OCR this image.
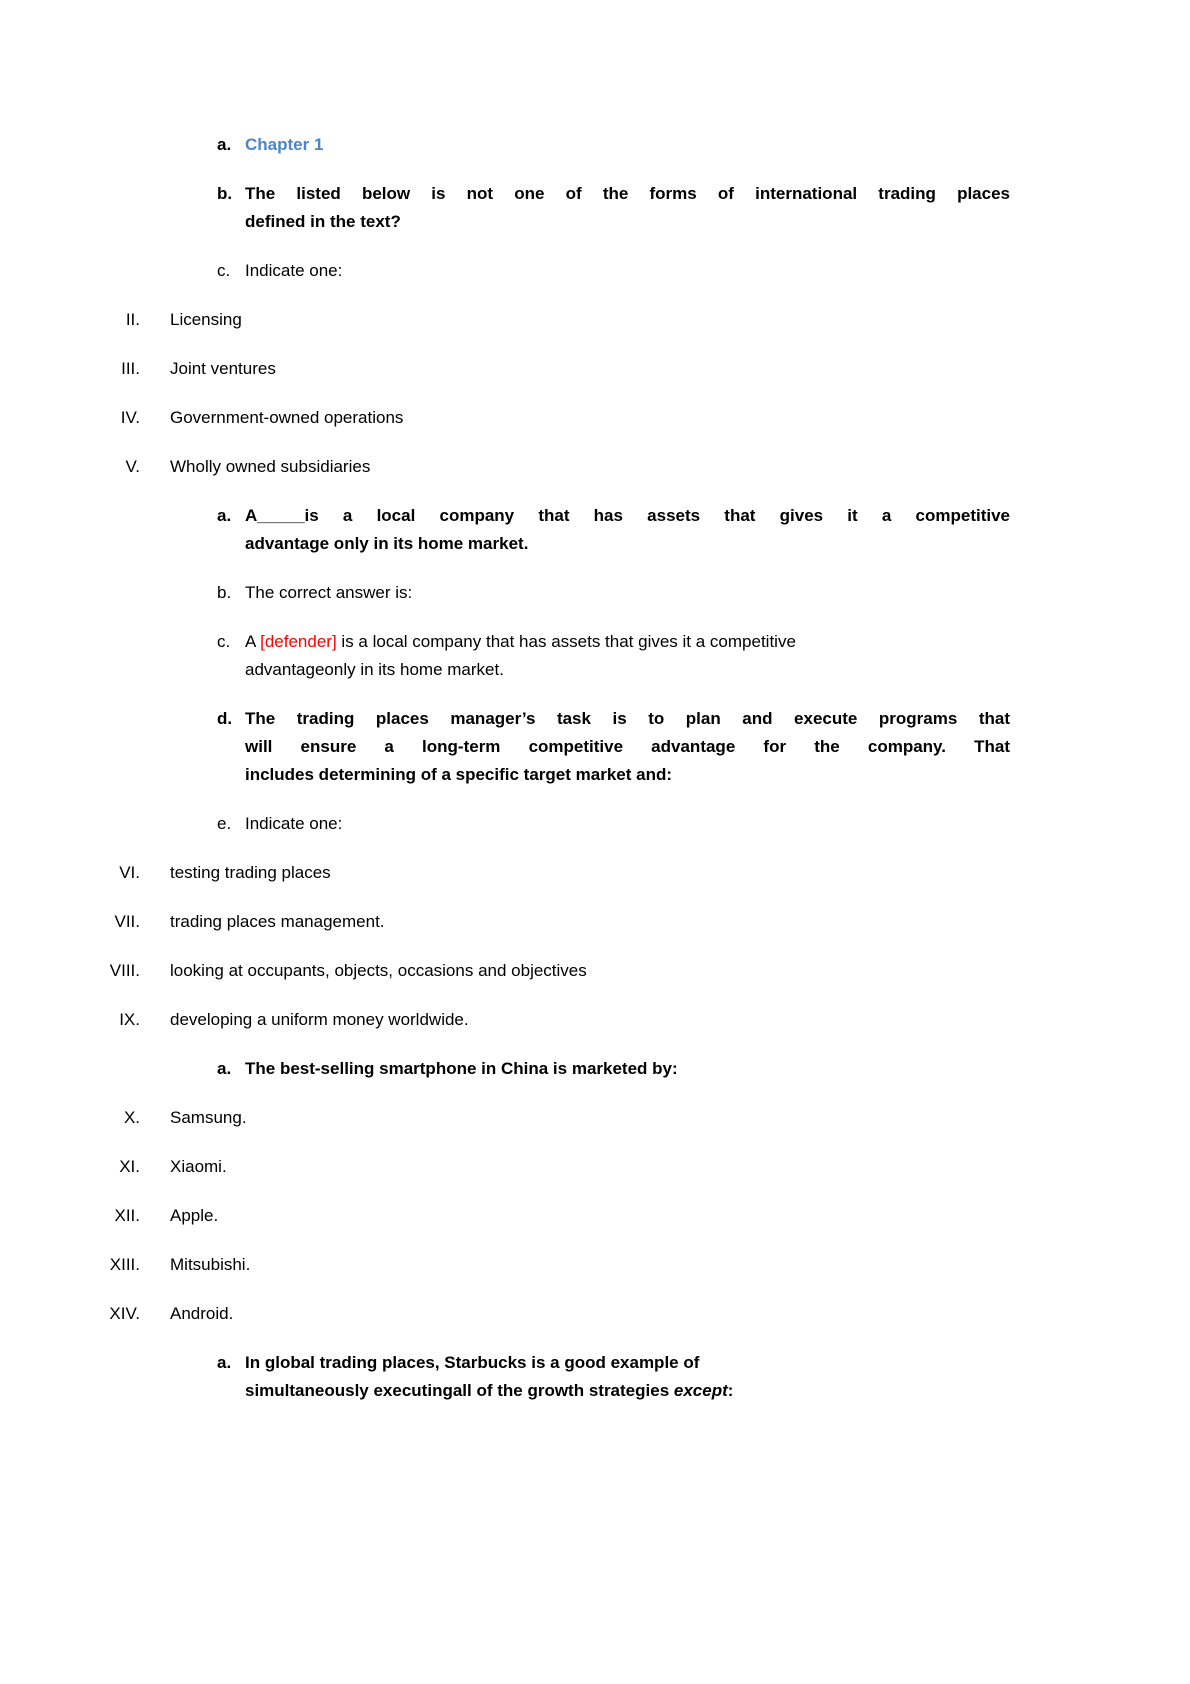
a. Chapter 1
b. The listed below is not one of the forms of international trading places
defined in the text?
c. Indicate one:
II. Licensing
III. Joint ventures
IV. Government-owned operations
V. Wholly owned subsidiaries
a. A_____is a local company that has assets that gives it a competitive
advantage only in its home market.
b. The correct answer is:
c. A [defender] is a local company that has assets that gives it a competitive
advantageonly in its home market.
d. The trading places manager’s task is to plan and execute programs that
will ensure a long-term competitive advantage for the company. That
includes determining of a specific target market and:
e. Indicate one:
VI. testing trading places
VII. trading places management.
VIII. looking at occupants, objects, occasions and objectives
IX. developing a uniform money worldwide.
a. The best-selling smartphone in China is marketed by:
X. Samsung.
XI. Xiaomi.
XII. Apple.
XIII. Mitsubishi.
XIV. Android.
a. In global trading places, Starbucks is a good example of
simultaneously executingall of the growth strategies except:
